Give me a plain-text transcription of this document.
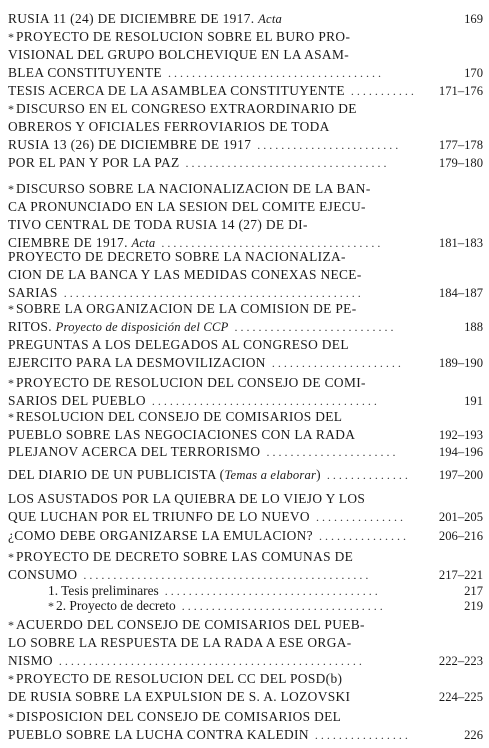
RUSIA 11 (24) DE DICIEMBRE DE 1917. Acta	169
* PROYECTO DE RESOLUCION SOBRE EL BURO PRO-
VISIONAL DEL GRUPO BOLCHEVIQUE EN LA ASAM-
BLEA CONSTITUYENTE ....................................	170
TESIS ACERCA DE LA ASAMBLEA CONSTITUYENTE ........... 171–176
* DISCURSO EN EL CONGRESO EXTRAORDINARIO DE
OBREROS Y OFICIALES FERROVIARIOS DE TODA
RUSIA 13 (26) DE DICIEMBRE DE 1917 ........................	177–178
POR EL PAN Y POR LA PAZ ..................................	179–180
* DISCURSO SOBRE LA NACIONALIZACION DE LA BAN-
CA PRONUNCIADO EN LA SESION DEL COMITE EJECU-
TIVO CENTRAL DE TODA RUSIA 14 (27) DE DI-
CIEMBRE DE 1917. Acta .....................................	181–183
PROYECTO DE DECRETO SOBRE LA NACIONALIZA-
CION DE LA BANCA Y LAS MEDIDAS CONEXAS NECE-
SARIAS ..................................................	184–187
* SOBRE LA ORGANIZACION DE LA COMISION DE PE-
RITOS. Proyecto de disposición del CCP ...........................	188
PREGUNTAS A LOS DELEGADOS AL CONGRESO DEL
EJERCITO PARA LA DESMOVILIZACION ......................	189–190
* PROYECTO DE RESOLUCION DEL CONSEJO DE COMI-
SARIOS DEL PUEBLO ......................................	191
* RESOLUCION DEL CONSEJO DE COMISARIOS DEL
PUEBLO SOBRE LAS NEGOCIACIONES CON LA RADA	192–193
PLEJANOV ACERCA DEL TERRORISMO ......................	194–196
DEL DIARIO DE UN PUBLICISTA (Temas a elaborar) .............. 197–200
LOS ASUSTADOS POR LA QUIEBRA DE LO VIEJO Y LOS
QUE LUCHAN POR EL TRIUNFO DE LO NUEVO ...............	201–205
¿COMO DEBE ORGANIZARSE LA EMULACION? ............... 206–216
* PROYECTO DE DECRETO SOBRE LAS COMUNAS DE
CONSUMO ................................................	217–221
1. Tesis preliminares ....................................	217
* 2. Proyecto de decreto ..................................	219
* ACUERDO DEL CONSEJO DE COMISARIOS DEL PUEB-
LO SOBRE LA RESPUESTA DE LA RADA A ESE ORGA-
NISMO ...................................................	222–223
* PROYECTO DE RESOLUCION DEL CC DEL POSD(b)
DE RUSIA SOBRE LA EXPULSION DE S. A. LOZOVSKI	224–225
* DISPOSICION DEL CONSEJO DE COMISARIOS DEL
PUEBLO SOBRE LA LUCHA CONTRA KALEDIN ................	226
